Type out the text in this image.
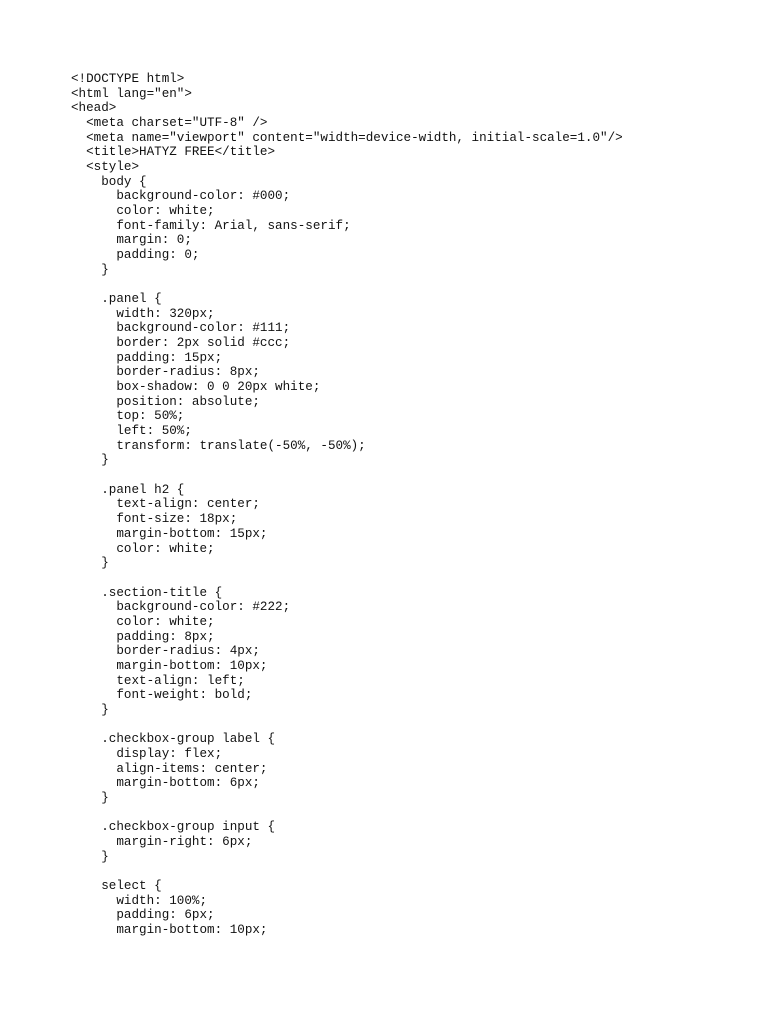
<!DOCTYPE html>
<html lang="en">
<head>
<meta charset="UTF-8" />
<meta name="viewport" content="width=device-width, initial-scale=1.0"/>
<title>HATYZ FREE</title>
<style>
body {
background-color: #000;
color: white;
font-family: Arial, sans-serif;
margin: 0;
padding: 0;
}
.panel {
width: 320px;
background-color: #111;
border: 2px solid #ccc;
padding: 15px;
border-radius: 8px;
box-shadow: 0 0 20px white;
position: absolute;
top: 50%;
left: 50%;
transform: translate(-50%, -50%);
}
.panel h2 {
text-align: center;
font-size: 18px;
margin-bottom: 15px;
color: white;
}
.section-title {
background-color: #222;
color: white;
padding: 8px;
border-radius: 4px;
margin-bottom: 10px;
text-align: left;
font-weight: bold;
}
.checkbox-group label {
display: flex;
align-items: center;
margin-bottom: 6px;
}
.checkbox-group input {
margin-right: 6px;
}
select {
width: 100%;
padding: 6px;
margin-bottom: 10px;
